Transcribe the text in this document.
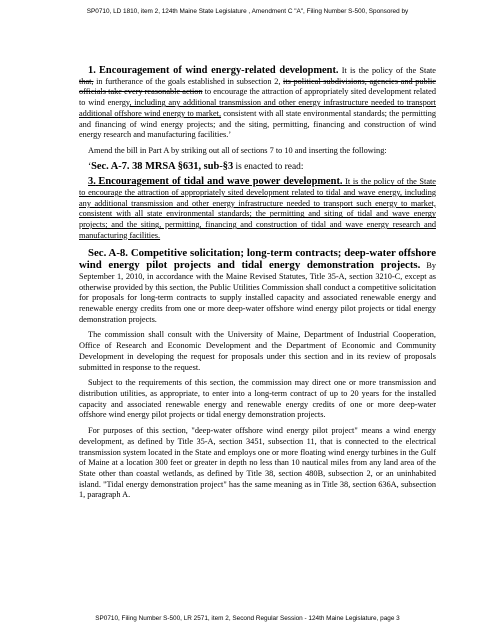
SP0710, LD 1810, item 2, 124th Maine State Legislature , Amendment C "A", Filing Number S-500, Sponsored by

1. Encouragement of wind energy-related development. It is the policy of the State that, in furtherance of the goals established in subsection 2, its political subdivisions, agencies and public officials take every reasonable action to encourage the attraction of appropriately sited development related to wind energy, including any additional transmission and other energy infrastructure needed to transport additional offshore wind energy to market, consistent with all state environmental standards; the permitting and financing of wind energy projects; and the siting, permitting, financing and construction of wind energy research and manufacturing facilities.’

Amend the bill in Part A by striking out all of sections 7 to 10 and inserting the following:

‘Sec. A-7. 38 MRSA §631, sub-§3 is enacted to read:

3. Encouragement of tidal and wave power development. It is the policy of the State to encourage the attraction of appropriately sited development related to tidal and wave energy, including any additional transmission and other energy infrastructure needed to transport such energy to market, consistent with all state environmental standards; the permitting and siting of tidal and wave energy projects; and the siting, permitting, financing and construction of tidal and wave energy research and manufacturing facilities.

Sec. A-8. Competitive solicitation; long-term contracts; deep-water offshore wind energy pilot projects and tidal energy demonstration projects. By September 1, 2010, in accordance with the Maine Revised Statutes, Title 35-A, section 3210-C, except as otherwise provided by this section, the Public Utilities Commission shall conduct a competitive solicitation for proposals for long-term contracts to supply installed capacity and associated renewable energy and renewable energy credits from one or more deep-water offshore wind energy pilot projects or tidal energy demonstration projects.

The commission shall consult with the University of Maine, Department of Industrial Cooperation, Office of Research and Economic Development and the Department of Economic and Community Development in developing the request for proposals under this section and in its review of proposals submitted in response to the request.

Subject to the requirements of this section, the commission may direct one or more transmission and distribution utilities, as appropriate, to enter into a long-term contract of up to 20 years for the installed capacity and associated renewable energy and renewable energy credits of one or more deep-water offshore wind energy pilot projects or tidal energy demonstration projects.

For purposes of this section, "deep-water offshore wind energy pilot project" means a wind energy development, as defined by Title 35-A, section 3451, subsection 11, that is connected to the electrical transmission system located in the State and employs one or more floating wind energy turbines in the Gulf of Maine at a location 300 feet or greater in depth no less than 10 nautical miles from any land area of the State other than coastal wetlands, as defined by Title 38, section 480B, subsection 2, or an uninhabited island. "Tidal energy demonstration project" has the same meaning as in Title 38, section 636A, subsection 1, paragraph A.

SP0710, Filing Number S-500, LR 2571, item 2, Second Regular Session - 124th Maine Legislature, page 3
